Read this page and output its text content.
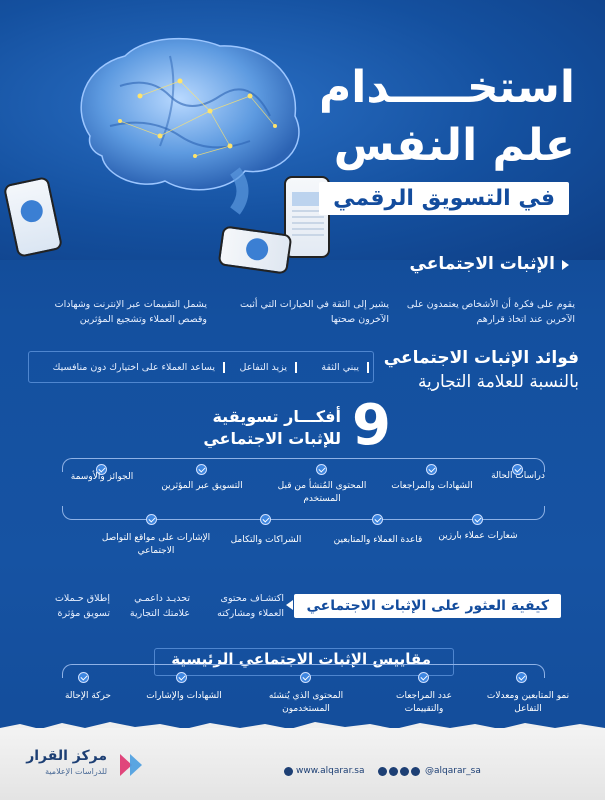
استخـــــدام
علم النفس
في التسويق الرقمي
الإثبات الاجتماعي
يقوم على فكرة أن الأشخاص يعتمدون على الآخرين عند اتخاذ قرارهم
يشير إلى الثقة في الخيارات التي أثبت الآخرون صحتها
يشمل التقييمات عبر الإنترنت وشهادات وقصص العملاء وتشجيع المؤثرين
فوائد الإثبات الاجتماعي
بالنسبة للعلامة التجارية
يبني الثقة
يزيد التفاعل
يساعد العملاء على اختيارك دون منافسيك
9
أفكـــار تسويقية
للإثبات الاجتماعي
دراسات الحالة
الشهادات والمراجعات
المحتوى المُنشأ من قبل المستخدم
التسويق عبر المؤثرين
الجوائز والأوسمة
شعارات عملاء بارزين
قاعدة العملاء والمتابعين
الشراكات والتكامل
الإشارات على مواقع التواصل الاجتماعي
كيفية العثور على الإثبات الاجتماعي
اكتشـاف محتوى العملاء ومشاركته
تحديـد داعمـي علامتك التجارية
إطلاق حـملات تسويق مؤثرة
مقاييس الإثبات الاجتماعي الرئيسية
نمو المتابعين ومعدلات التفاعل
عدد المراجعات والتقييمات
المحتوى الذي يُنشئه المستخدمون
الشهادات والإشارات
حركة الإحالة
مركز القرار
للدراسات الإعلامية	@alqarar_sa
www.alqarar.sa
